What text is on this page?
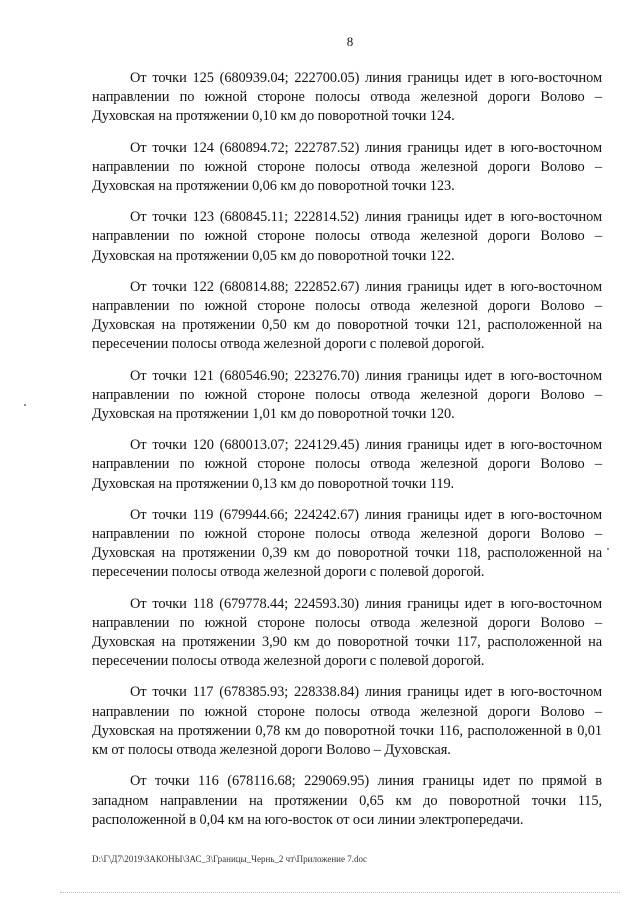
8

От точки 125 (680939.04; 222700.05) линия границы идет в юго-восточном направлении по южной стороне полосы отвода железной дороги Волово – Духовская на протяжении 0,10 км до поворотной точки 124.

От точки 124 (680894.72; 222787.52) линия границы идет в юго-восточном направлении по южной стороне полосы отвода железной дороги Волово – Духовская на протяжении 0,06 км до поворотной точки 123.

От точки 123 (680845.11; 222814.52) линия границы идет в юго-восточном направлении по южной стороне полосы отвода железной дороги Волово – Духовская на протяжении 0,05 км до поворотной точки 122.

От точки 122 (680814.88; 222852.67) линия границы идет в юго-восточном направлении по южной стороне полосы отвода железной дороги Волово – Духовская на протяжении 0,50 км до поворотной точки 121, расположенной на пересечении полосы отвода железной дороги с полевой дорогой.

От точки 121 (680546.90; 223276.70) линия границы идет в юго-восточном направлении по южной стороне полосы отвода железной дороги Волово – Духовская на протяжении 1,01 км до поворотной точки 120.

От точки 120 (680013.07; 224129.45) линия границы идет в юго-восточном направлении по южной стороне полосы отвода железной дороги Волово – Духовская на протяжении 0,13 км до поворотной точки 119.

От точки 119 (679944.66; 224242.67) линия границы идет в юго-восточном направлении по южной стороне полосы отвода железной дороги Волово – Духовская на протяжении 0,39 км до поворотной точки 118, расположенной на пересечении полосы отвода железной дороги с полевой дорогой.

От точки 118 (679778.44; 224593.30) линия границы идет в юго-восточном направлении по южной стороне полосы отвода железной дороги Волово – Духовская на протяжении 3,90 км до поворотной точки 117, расположенной на пересечении полосы отвода железной дороги с полевой дорогой.

От точки 117 (678385.93; 228338.84) линия границы идет в юго-восточном направлении по южной стороне полосы отвода железной дороги Волово – Духовская на протяжении 0,78 км до поворотной точки 116, расположенной в 0,01 км от полосы отвода железной дороги Волово – Духовская.

От точки 116 (678116.68; 229069.95) линия границы идет по прямой в западном направлении на протяжении 0,65 км до поворотной точки 115, расположенной в 0,04 км на юго-восток от оси линии электропередачи.

D:\Г\Д7\2019\ЗАКОНЫ\ЗАС_3\Границы_Чернь_2 чт\Приложение 7.doc
